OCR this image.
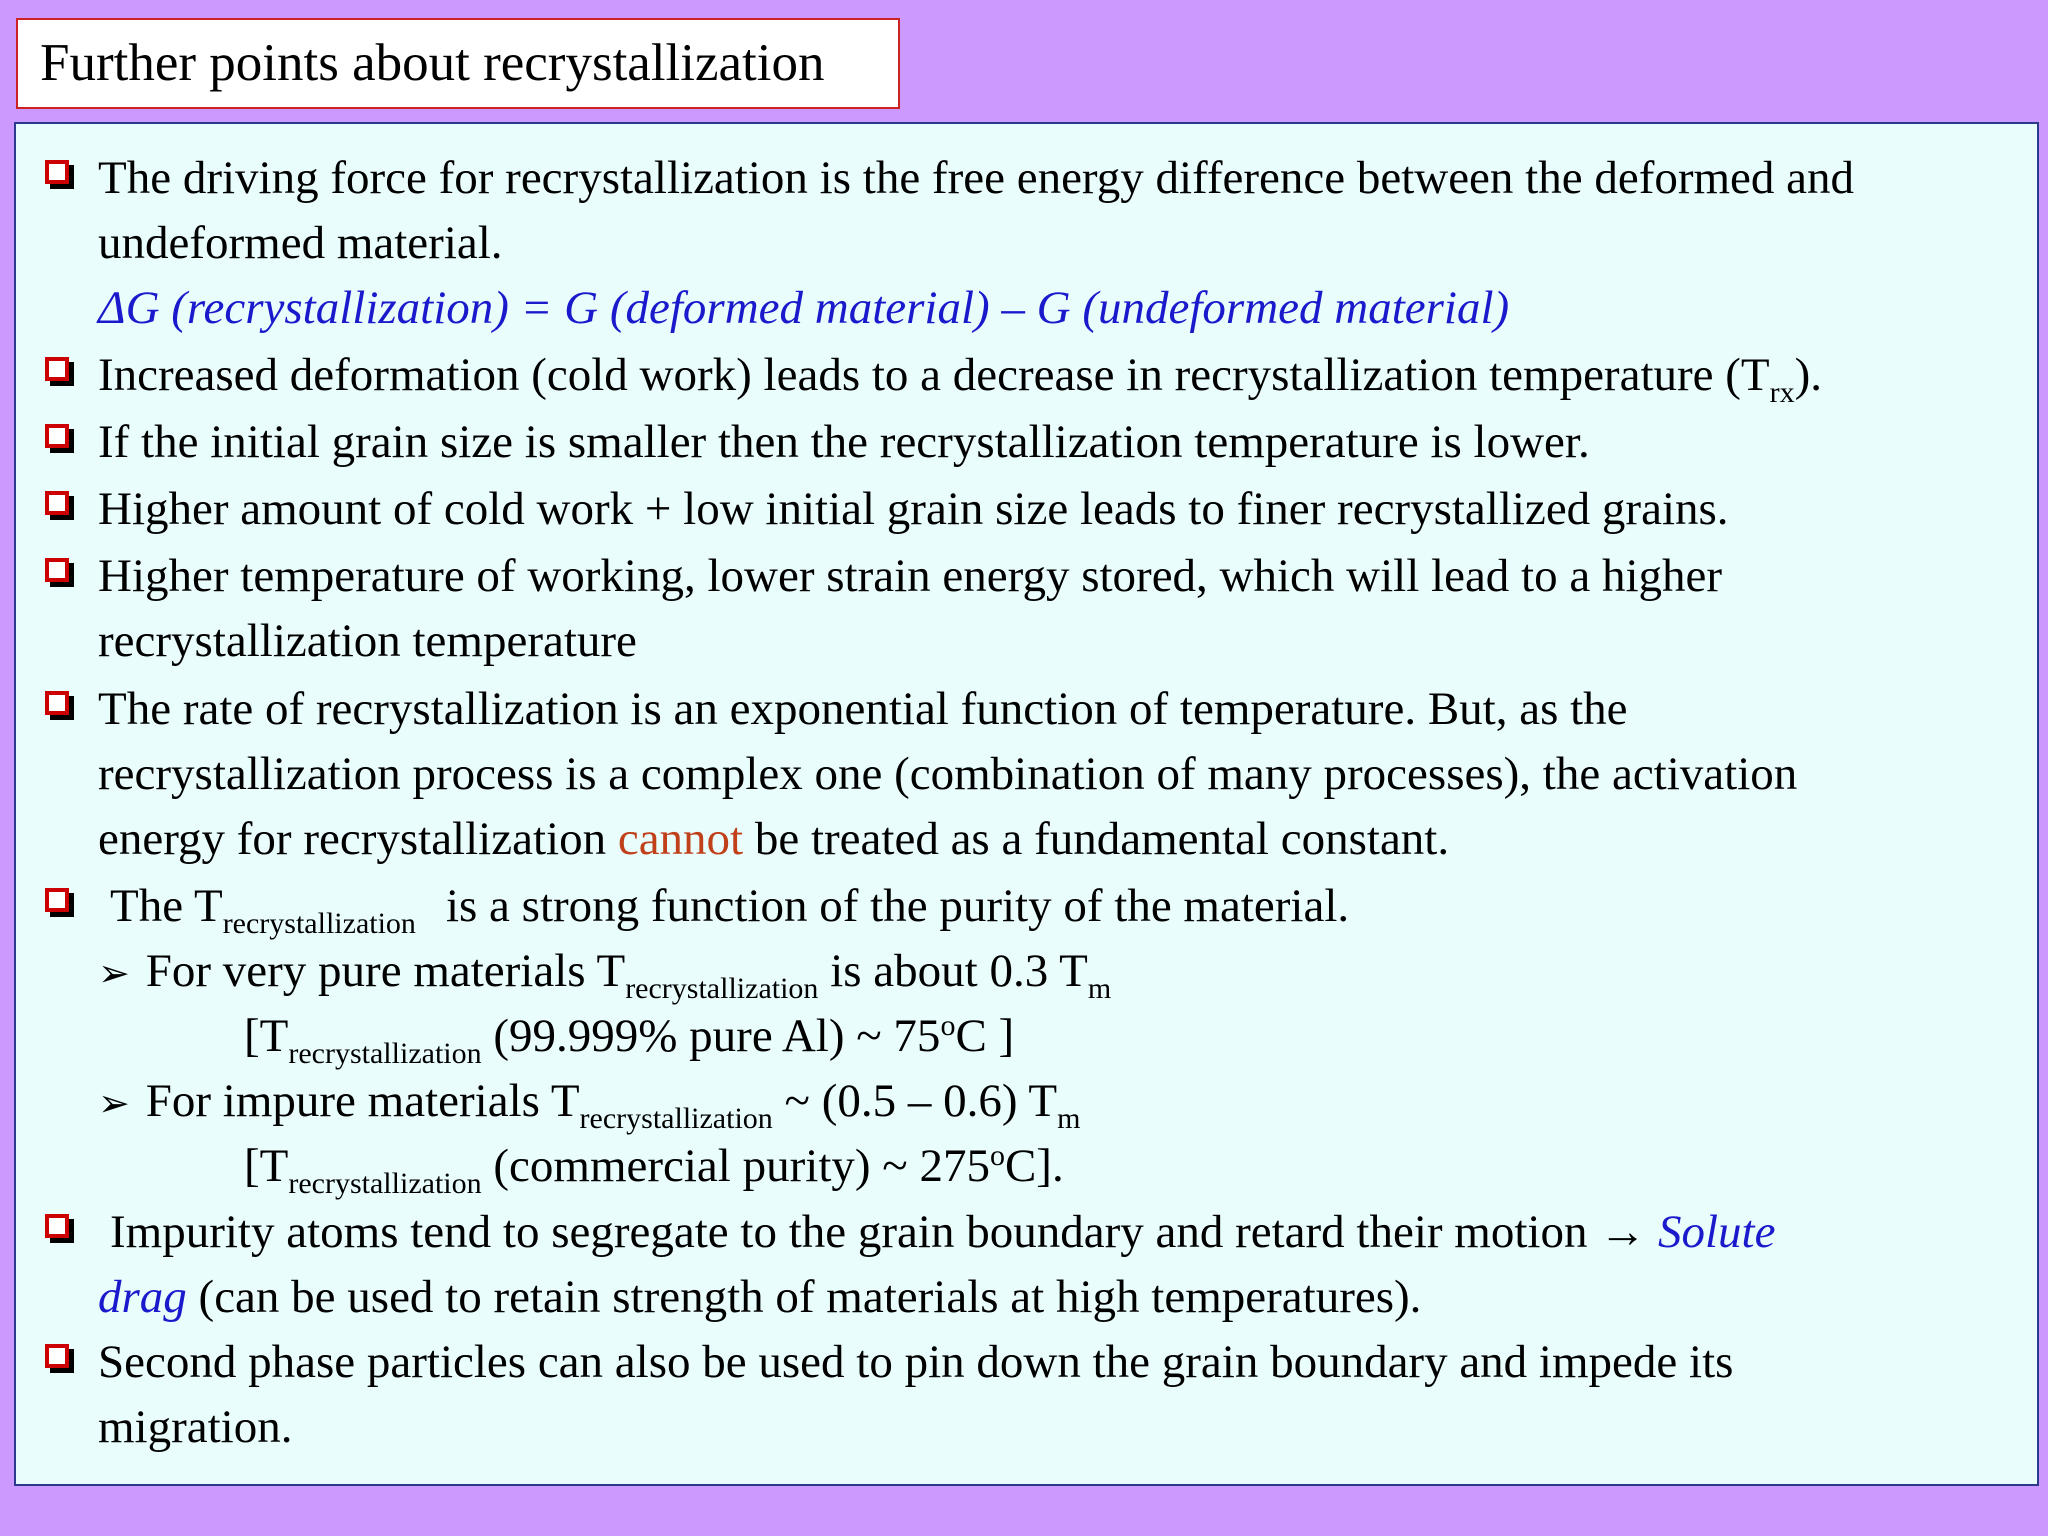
Further points about recrystallization
The driving force for recrystallization is the free energy difference between the deformed and
undeformed material.
ΔG (recrystallization) = G (deformed material) – G (undeformed material)
Increased deformation (cold work) leads to a decrease in recrystallization temperature $(T_{rx})$.
If the initial grain size is smaller then the recrystallization temperature is lower.
Higher amount of cold work + low initial grain size leads to finer recrystallized grains.
Higher temperature of working, lower strain energy stored, which will lead to a higher
recrystallization temperature
The rate of recrystallization is an exponential function of temperature. But, as the
recrystallization process is a complex one (combination of many processes), the activation
energy for recrystallization cannot be treated as a fundamental constant.
The $T_{recrystallization}$ is a strong function of the purity of the material.
➢ For very pure materials $T_{recrystallization}$ is about 0.3 $T_m$
[$T_{recrystallization}$ (99.999% pure Al) ~ 75$^o$C ]
➢ For impure materials $T_{recrystallization}$ ~ (0.5 – 0.6) $T_m$
[$T_{recrystallization}$ (commercial purity) ~ 275$^o$C].
Impurity atoms tend to segregate to the grain boundary and retard their motion → Solute
drag (can be used to retain strength of materials at high temperatures).
Second phase particles can also be used to pin down the grain boundary and impede its
migration.
